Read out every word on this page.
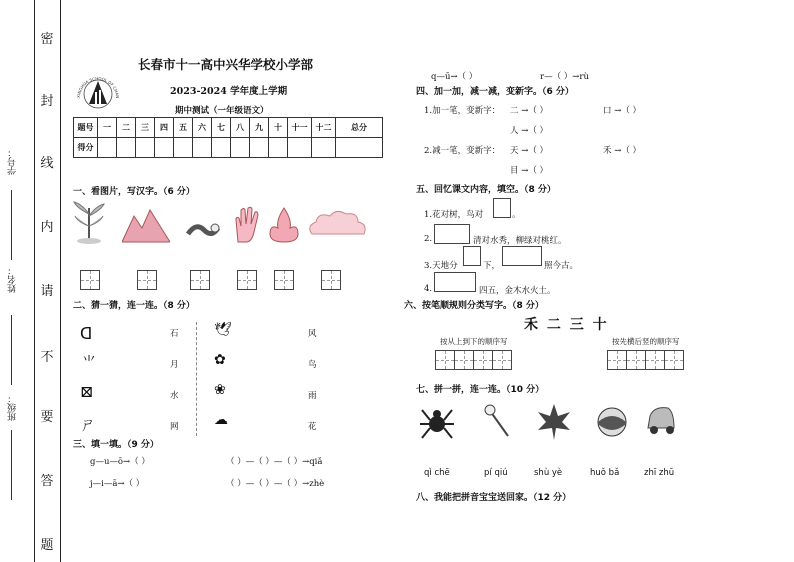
密
封
线
内
请
不
要
答
题
学号：
姓名：
班级：
XINGHUA SCHOOL OF CHAN
长春市十一高中兴华学校小学部
2023-2024 学年度上学期
期中测试（一年级语文）
题号	一	二	三	四	五	六	七	八	九	十	十一	十二	总分
得分													
一、看图片，写汉字。（6 分）
二、猜一猜，连一连。（8 分）
ᗡ
⺌
⊠
ㄕ
石
月
水
网
🕊
✿
❀
☁
风
鸟
雨
花
三、填一填。（9 分）
g—u—ō→（ ）	（ ）—（ ）—（ ）→qiǎ
j—i—ā→（ ）	（ ）—（ ）—（ ）→zhè
q—ū→（ ）	r—（ ）→rù
四、加一加，减一减，变新字。（6 分）
1.加一笔，变新字： 二 →（ ）	口 →（ ）
人 →（ ）
2.减一笔，变新字： 天 →（ ）	禾 →（ ）
目 →（ ）
五、回忆课文内容，填空。（8 分）
1.花对树，鸟对	。
2.	清对水秀，柳绿对桃红。
3.天地分	下，	照今古。
4.	四五，金木水火土。
六、按笔顺规则分类写字。（8 分）
禾 二 三 十
按从上到下的顺序写	按先横后竖的顺序写
七、拼一拼，连一连。（10 分）
qì chē	pí qiú	shù yè	huǒ bǎ	zhī zhū
八、我能把拼音宝宝送回家。（12 分）
